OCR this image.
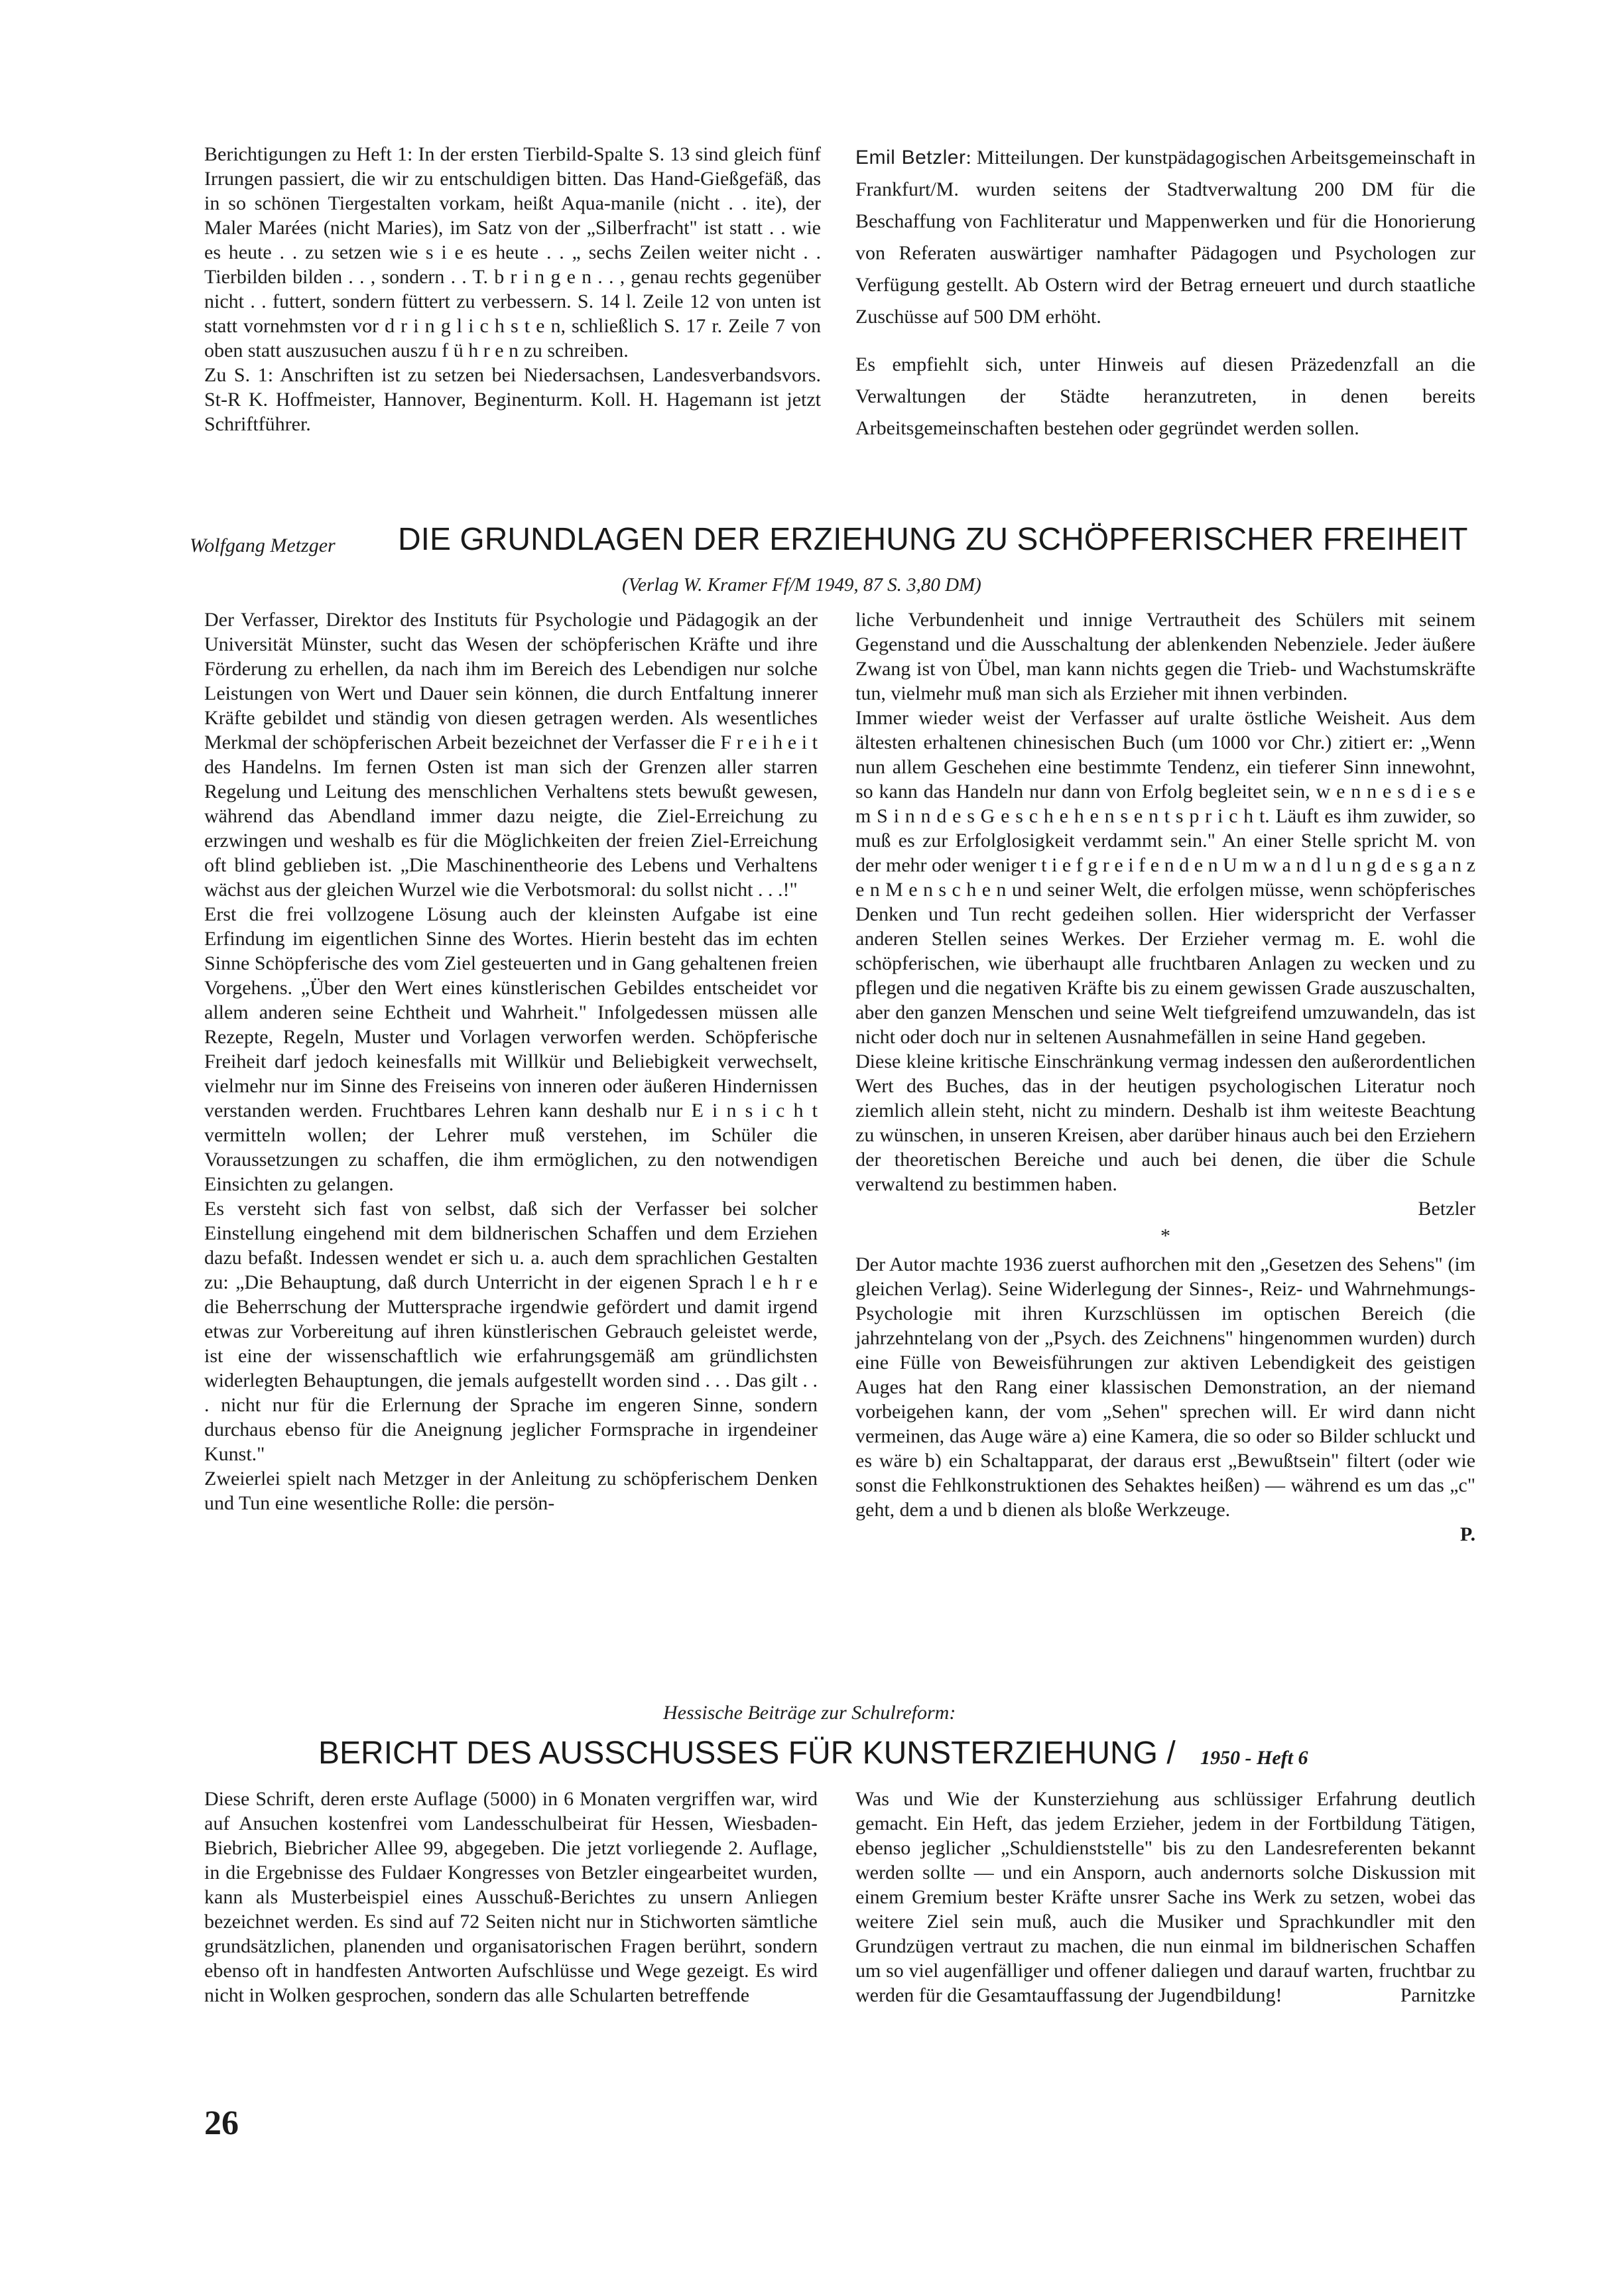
Berichtigungen zu Heft 1: In der ersten Tierbild-Spalte S. 13 sind gleich fünf Irrungen passiert, die wir zu entschuldigen bitten. Das Hand-Gießgefäß, das in so schönen Tiergestalten vorkam, heißt Aqua-manile (nicht . . ite), der Maler Marées (nicht Maries), im Satz von der „Silberfracht" ist statt . . wie es heute . . zu setzen wie s i e es heute . . „ sechs Zeilen weiter nicht . . Tierbilden bilden . . , sondern . . T. b r i n g e n . . , genau rechts gegenüber nicht . . futtert, sondern füttert zu verbessern. S. 14 l. Zeile 12 von unten ist statt vornehmsten vor d r i n g l i c h s t e n, schließlich S. 17 r. Zeile 7 von oben statt auszusuchen auszu f ü h r e n zu schreiben.

Zu S. 1: Anschriften ist zu setzen bei Niedersachsen, Landesverbandsvors. St-R K. Hoffmeister, Hannover, Beginenturm. Koll. H. Hagemann ist jetzt Schriftführer.

Emil Betzler: Mitteilungen. Der kunstpädagogischen Arbeitsgemeinschaft in Frankfurt/M. wurden seitens der Stadtverwaltung 200 DM für die Beschaffung von Fachliteratur und Mappenwerken und für die Honorierung von Referaten auswärtiger namhafter Pädagogen und Psychologen zur Verfügung gestellt. Ab Ostern wird der Betrag erneuert und durch staatliche Zuschüsse auf 500 DM erhöht.

Es empfiehlt sich, unter Hinweis auf diesen Präzedenzfall an die Verwaltungen der Städte heranzutreten, in denen bereits Arbeitsgemeinschaften bestehen oder gegründet werden sollen.

Wolfgang Metzger DIE GRUNDLAGEN DER ERZIEHUNG ZU SCHÖPFERISCHER FREIHEIT
(Verlag W. Kramer Ff/M 1949, 87 S. 3,80 DM)

Der Verfasser, Direktor des Instituts für Psychologie und Pädagogik an der Universität Münster, sucht das Wesen der schöpferischen Kräfte und ihre Förderung zu erhellen, da nach ihm im Bereich des Lebendigen nur solche Leistungen von Wert und Dauer sein können, die durch Entfaltung innerer Kräfte gebildet und ständig von diesen getragen werden. Als wesentliches Merkmal der schöpferischen Arbeit bezeichnet der Verfasser die F r e i h e i t des Handelns. Im fernen Osten ist man sich der Grenzen aller starren Regelung und Leitung des menschlichen Verhaltens stets bewußt gewesen, während das Abendland immer dazu neigte, die Ziel-Erreichung zu erzwingen und weshalb es für die Möglichkeiten der freien Ziel-Erreichung oft blind geblieben ist. „Die Maschinentheorie des Lebens und Verhaltens wächst aus der gleichen Wurzel wie die Verbotsmoral: du sollst nicht . . .!"

Erst die frei vollzogene Lösung auch der kleinsten Aufgabe ist eine Erfindung im eigentlichen Sinne des Wortes. Hierin besteht das im echten Sinne Schöpferische des vom Ziel gesteuerten und in Gang gehaltenen freien Vorgehens. „Über den Wert eines künstlerischen Gebildes entscheidet vor allem anderen seine Echtheit und Wahrheit." Infolgedessen müssen alle Rezepte, Regeln, Muster und Vorlagen verworfen werden. Schöpferische Freiheit darf jedoch keinesfalls mit Willkür und Beliebigkeit verwechselt, vielmehr nur im Sinne des Freiseins von inneren oder äußeren Hindernissen verstanden werden. Fruchtbares Lehren kann deshalb nur E i n s i c h t vermitteln wollen; der Lehrer muß verstehen, im Schüler die Voraussetzungen zu schaffen, die ihm ermöglichen, zu den notwendigen Einsichten zu gelangen.

Es versteht sich fast von selbst, daß sich der Verfasser bei solcher Einstellung eingehend mit dem bildnerischen Schaffen und dem Erziehen dazu befaßt. Indessen wendet er sich u. a. auch dem sprachlichen Gestalten zu: „Die Behauptung, daß durch Unterricht in der eigenen Sprach l e h r e die Beherrschung der Muttersprache irgendwie gefördert und damit irgend etwas zur Vorbereitung auf ihren künstlerischen Gebrauch geleistet werde, ist eine der wissenschaftlich wie erfahrungsgemäß am gründlichsten widerlegten Behauptungen, die jemals aufgestellt worden sind . . . Das gilt . . . nicht nur für die Erlernung der Sprache im engeren Sinne, sondern durchaus ebenso für die Aneignung jeglicher Formsprache in irgendeiner Kunst."

Zweierlei spielt nach Metzger in der Anleitung zu schöpferischem Denken und Tun eine wesentliche Rolle: die persön-

liche Verbundenheit und innige Vertrautheit des Schülers mit seinem Gegenstand und die Ausschaltung der ablenkenden Nebenziele. Jeder äußere Zwang ist von Übel, man kann nichts gegen die Trieb- und Wachstumskräfte tun, vielmehr muß man sich als Erzieher mit ihnen verbinden.

Immer wieder weist der Verfasser auf uralte östliche Weisheit. Aus dem ältesten erhaltenen chinesischen Buch (um 1000 vor Chr.) zitiert er: „Wenn nun allem Geschehen eine bestimmte Tendenz, ein tieferer Sinn innewohnt, so kann das Handeln nur dann von Erfolg begleitet sein, w e n n e s d i e s e m S i n n d e s G e s c h e h e n s e n t s p r i c h t. Läuft es ihm zuwider, so muß es zur Erfolglosigkeit verdammt sein." An einer Stelle spricht M. von der mehr oder weniger t i e f g r e i f e n d e n U m w a n d l u n g d e s g a n z e n M e n s c h e n und seiner Welt, die erfolgen müsse, wenn schöpferisches Denken und Tun recht gedeihen sollen. Hier widerspricht der Verfasser anderen Stellen seines Werkes. Der Erzieher vermag m. E. wohl die schöpferischen, wie überhaupt alle fruchtbaren Anlagen zu wecken und zu pflegen und die negativen Kräfte bis zu einem gewissen Grade auszuschalten, aber den ganzen Menschen und seine Welt tiefgreifend umzuwandeln, das ist nicht oder doch nur in seltenen Ausnahmefällen in seine Hand gegeben.

Diese kleine kritische Einschränkung vermag indessen den außerordentlichen Wert des Buches, das in der heutigen psychologischen Literatur noch ziemlich allein steht, nicht zu mindern. Deshalb ist ihm weiteste Beachtung zu wünschen, in unseren Kreisen, aber darüber hinaus auch bei den Erziehern der theoretischen Bereiche und auch bei denen, die über die Schule verwaltend zu bestimmen haben.

Betzler

*

Der Autor machte 1936 zuerst aufhorchen mit den „Gesetzen des Sehens" (im gleichen Verlag). Seine Widerlegung der Sinnes-, Reiz- und Wahrnehmungs-Psychologie mit ihren Kurzschlüssen im optischen Bereich (die jahrzehntelang von der „Psych. des Zeichnens" hingenommen wurden) durch eine Fülle von Beweisführungen zur aktiven Lebendigkeit des geistigen Auges hat den Rang einer klassischen Demonstration, an der niemand vorbeigehen kann, der vom „Sehen" sprechen will. Er wird dann nicht vermeinen, das Auge wäre a) eine Kamera, die so oder so Bilder schluckt und es wäre b) ein Schaltapparat, der daraus erst „Bewußtsein" filtert (oder wie sonst die Fehlkonstruktionen des Sehaktes heißen) — während es um das „c" geht, dem a und b dienen als bloße Werkzeuge.

P.

Hessische Beiträge zur Schulreform:
BERICHT DES AUSSCHUSSES FÜR KUNSTERZIEHUNG / 1950 - Heft 6

Diese Schrift, deren erste Auflage (5000) in 6 Monaten vergriffen war, wird auf Ansuchen kostenfrei vom Landesschulbeirat für Hessen, Wiesbaden-Biebrich, Biebricher Allee 99, abgegeben. Die jetzt vorliegende 2. Auflage, in die Ergebnisse des Fuldaer Kongresses von Betzler eingearbeitet wurden, kann als Musterbeispiel eines Ausschuß-Berichtes zu unsern Anliegen bezeichnet werden. Es sind auf 72 Seiten nicht nur in Stichworten sämtliche grundsätzlichen, planenden und organisatorischen Fragen berührt, sondern ebenso oft in handfesten Antworten Aufschlüsse und Wege gezeigt. Es wird nicht in Wolken gesprochen, sondern das alle Schularten betreffende

Was und Wie der Kunsterziehung aus schlüssiger Erfahrung deutlich gemacht. Ein Heft, das jedem Erzieher, jedem in der Fortbildung Tätigen, ebenso jeglicher „Schuldienststelle" bis zu den Landesreferenten bekannt werden sollte — und ein Ansporn, auch andernorts solche Diskussion mit einem Gremium bester Kräfte unsrer Sache ins Werk zu setzen, wobei das weitere Ziel sein muß, auch die Musiker und Sprachkundler mit den Grundzügen vertraut zu machen, die nun einmal im bildnerischen Schaffen um so viel augenfälliger und offener daliegen und darauf warten, fruchtbar zu werden für die Gesamtauffassung der Jugendbildung!	Parnitzke

26
